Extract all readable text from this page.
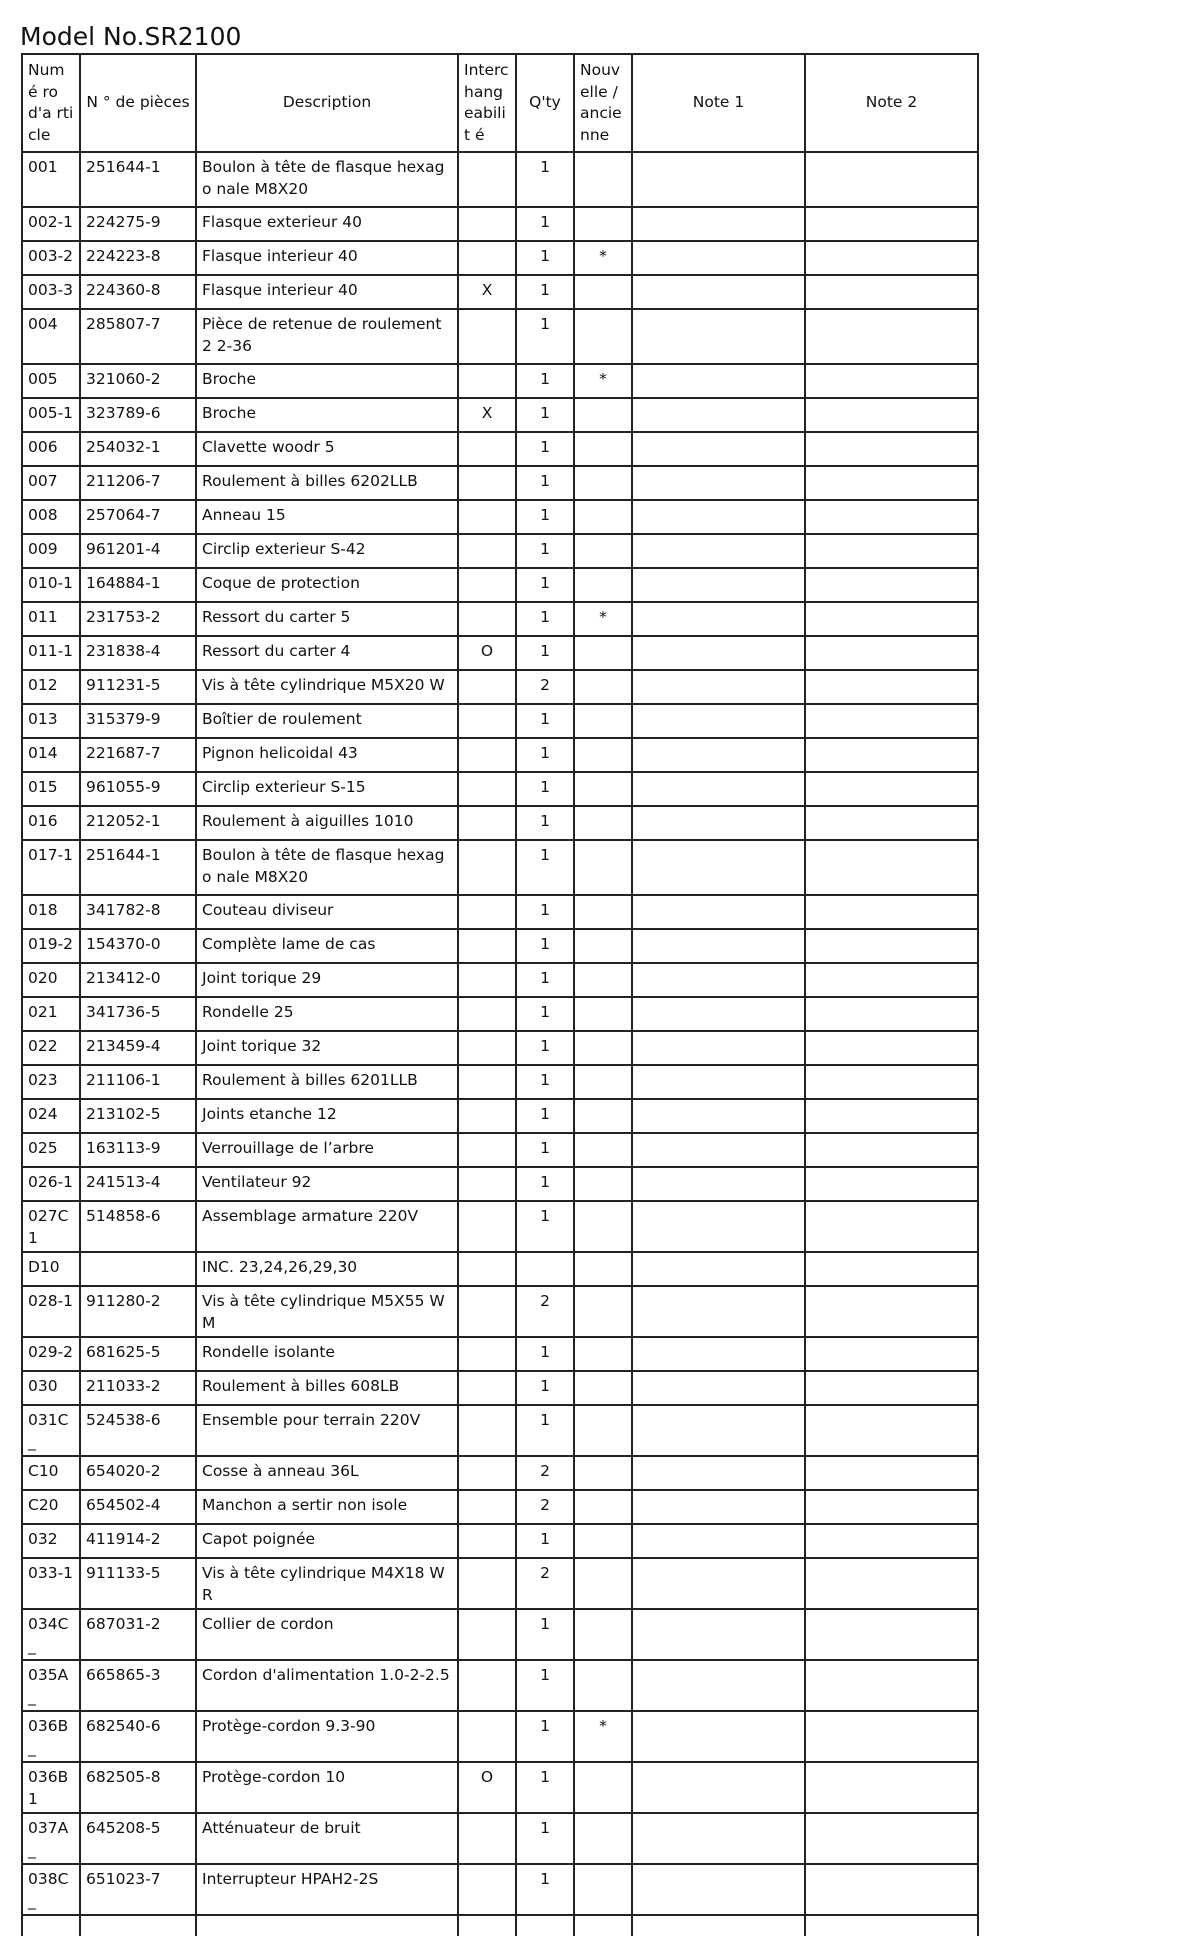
Model No.SR2100
Numé ro d'a rticle	N ° de pièces	Description	Interc hang eabilit é	Q'ty	Nouv elle / ancie nne	Note 1	Note 2
001	251644-1	Boulon à tête de flasque hexago nale M8X20		1			
002-1	224275-9	Flasque exterieur 40		1			
003-2	224223-8	Flasque interieur 40		1	*		
003-3	224360-8	Flasque interieur 40	X	1			
004	285807-7	Pièce de retenue de roulement 2 2-36		1			
005	321060-2	Broche		1	*		
005-1	323789-6	Broche	X	1			
006	254032-1	Clavette woodr 5		1			
007	211206-7	Roulement à billes 6202LLB		1			
008	257064-7	Anneau 15		1			
009	961201-4	Circlip exterieur S-42		1			
010-1	164884-1	Coque de protection		1			
011	231753-2	Ressort du carter 5		1	*		
011-1	231838-4	Ressort du carter 4	O	1			
012	911231-5	Vis à tête cylindrique M5X20 W		2			
013	315379-9	Boîtier de roulement		1			
014	221687-7	Pignon helicoidal 43		1			
015	961055-9	Circlip exterieur S-15		1			
016	212052-1	Roulement à aiguilles 1010		1			
017-1	251644-1	Boulon à tête de flasque hexago nale M8X20		1			
018	341782-8	Couteau diviseur		1			
019-2	154370-0	Complète lame de cas		1			
020	213412-0	Joint torique 29		1			
021	341736-5	Rondelle 25		1			
022	213459-4	Joint torique 32		1			
023	211106-1	Roulement à billes 6201LLB		1			
024	213102-5	Joints etanche 12		1			
025	163113-9	Verrouillage de l’arbre		1			
026-1	241513-4	Ventilateur 92		1			
027C1	514858-6	Assemblage armature 220V		1			
D10		INC. 23,24,26,29,30					
028-1	911280-2	Vis à tête cylindrique M5X55 WM		2			
029-2	681625-5	Rondelle isolante		1			
030	211033-2	Roulement à billes 608LB		1			
031C_	524538-6	Ensemble pour terrain 220V		1			
C10	654020-2	Cosse à anneau 36L		2			
C20	654502-4	Manchon a sertir non isole		2			
032	411914-2	Capot poignée		1			
033-1	911133-5	Vis à tête cylindrique M4X18 WR		2			
034C_	687031-2	Collier de cordon		1			
035A_	665865-3	Cordon d'alimentation 1.0-2-2.5		1			
036B_	682540-6	Protège-cordon 9.3-90		1	*		
036B1	682505-8	Protège-cordon 10	O	1			
037A_	645208-5	Atténuateur de bruit		1			
038C_	651023-7	Interrupteur HPAH2-2S		1			
